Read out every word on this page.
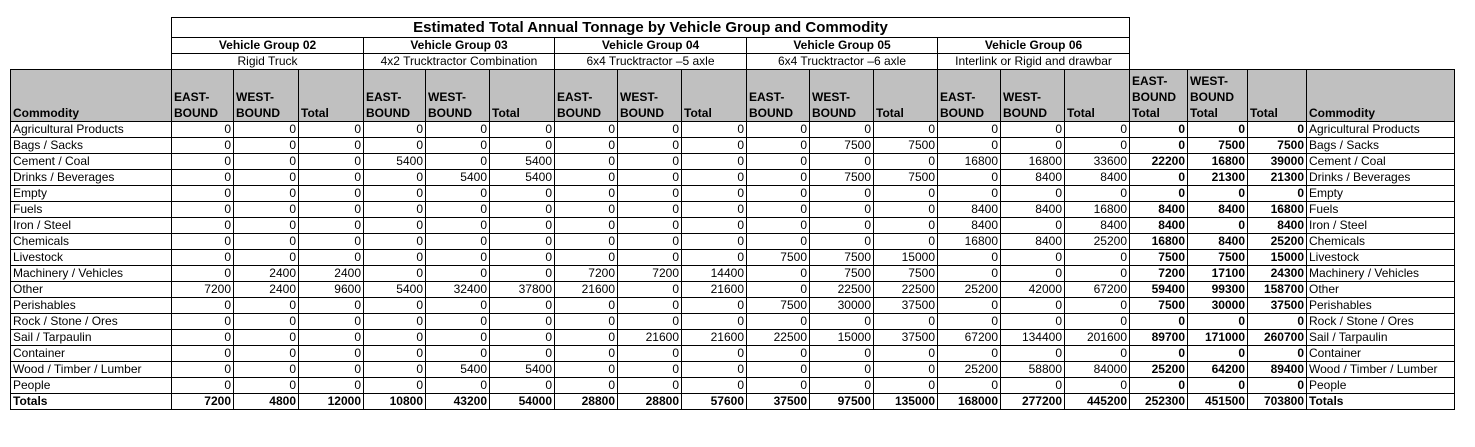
	Estimated Total Annual Tonnage by Vehicle Group and Commodity																		
	Vehicle Group 02			Vehicle Group 03			Vehicle Group 04			Vehicle Group 05			Vehicle Group 06						
	Rigid Truck			4x2 Trucktractor Combination			6x4 Trucktractor –5 axle			6x4 Trucktractor –6 axle			Interlink or Rigid and drawbar						
Commodity	EAST-BOUND	WEST-BOUND	Total	EAST-BOUND	WEST-BOUND	Total	EAST-BOUND	WEST-BOUND	Total	EAST-BOUND	WEST-BOUND	Total	EAST-BOUND	WEST-BOUND	Total	EAST-BOUND Total	WEST-BOUND Total	Total	Commodity
Agricultural Products	0	0	0	0	0	0	0	0	0	0	0	0	0	0	0	0	0	0	Agricultural Products
Bags / Sacks	0	0	0	0	0	0	0	0	0	0	7500	7500	0	0	0	0	7500	7500	Bags / Sacks
Cement / Coal	0	0	0	5400	0	5400	0	0	0	0	0	0	16800	16800	33600	22200	16800	39000	Cement / Coal
Drinks / Beverages	0	0	0	0	5400	5400	0	0	0	0	7500	7500	0	8400	8400	0	21300	21300	Drinks / Beverages
Empty	0	0	0	0	0	0	0	0	0	0	0	0	0	0	0	0	0	0	Empty
Fuels	0	0	0	0	0	0	0	0	0	0	0	0	8400	8400	16800	8400	8400	16800	Fuels
Iron / Steel	0	0	0	0	0	0	0	0	0	0	0	0	8400	0	8400	8400	0	8400	Iron / Steel
Chemicals	0	0	0	0	0	0	0	0	0	0	0	0	16800	8400	25200	16800	8400	25200	Chemicals
Livestock	0	0	0	0	0	0	0	0	0	7500	7500	15000	0	0	0	7500	7500	15000	Livestock
Machinery / Vehicles	0	2400	2400	0	0	0	7200	7200	14400	0	7500	7500	0	0	0	7200	17100	24300	Machinery / Vehicles
Other	7200	2400	9600	5400	32400	37800	21600	0	21600	0	22500	22500	25200	42000	67200	59400	99300	158700	Other
Perishables	0	0	0	0	0	0	0	0	0	7500	30000	37500	0	0	0	7500	30000	37500	Perishables
Rock / Stone / Ores	0	0	0	0	0	0	0	0	0	0	0	0	0	0	0	0	0	0	Rock / Stone / Ores
Sail / Tarpaulin	0	0	0	0	0	0	0	21600	21600	22500	15000	37500	67200	134400	201600	89700	171000	260700	Sail / Tarpaulin
Container	0	0	0	0	0	0	0	0	0	0	0	0	0	0	0	0	0	0	Container
Wood / Timber / Lumber	0	0	0	0	5400	5400	0	0	0	0	0	0	25200	58800	84000	25200	64200	89400	Wood / Timber / Lumber
People	0	0	0	0	0	0	0	0	0	0	0	0	0	0	0	0	0	0	People
Totals	7200	4800	12000	10800	43200	54000	28800	28800	57600	37500	97500	135000	168000	277200	445200	252300	451500	703800	Totals
